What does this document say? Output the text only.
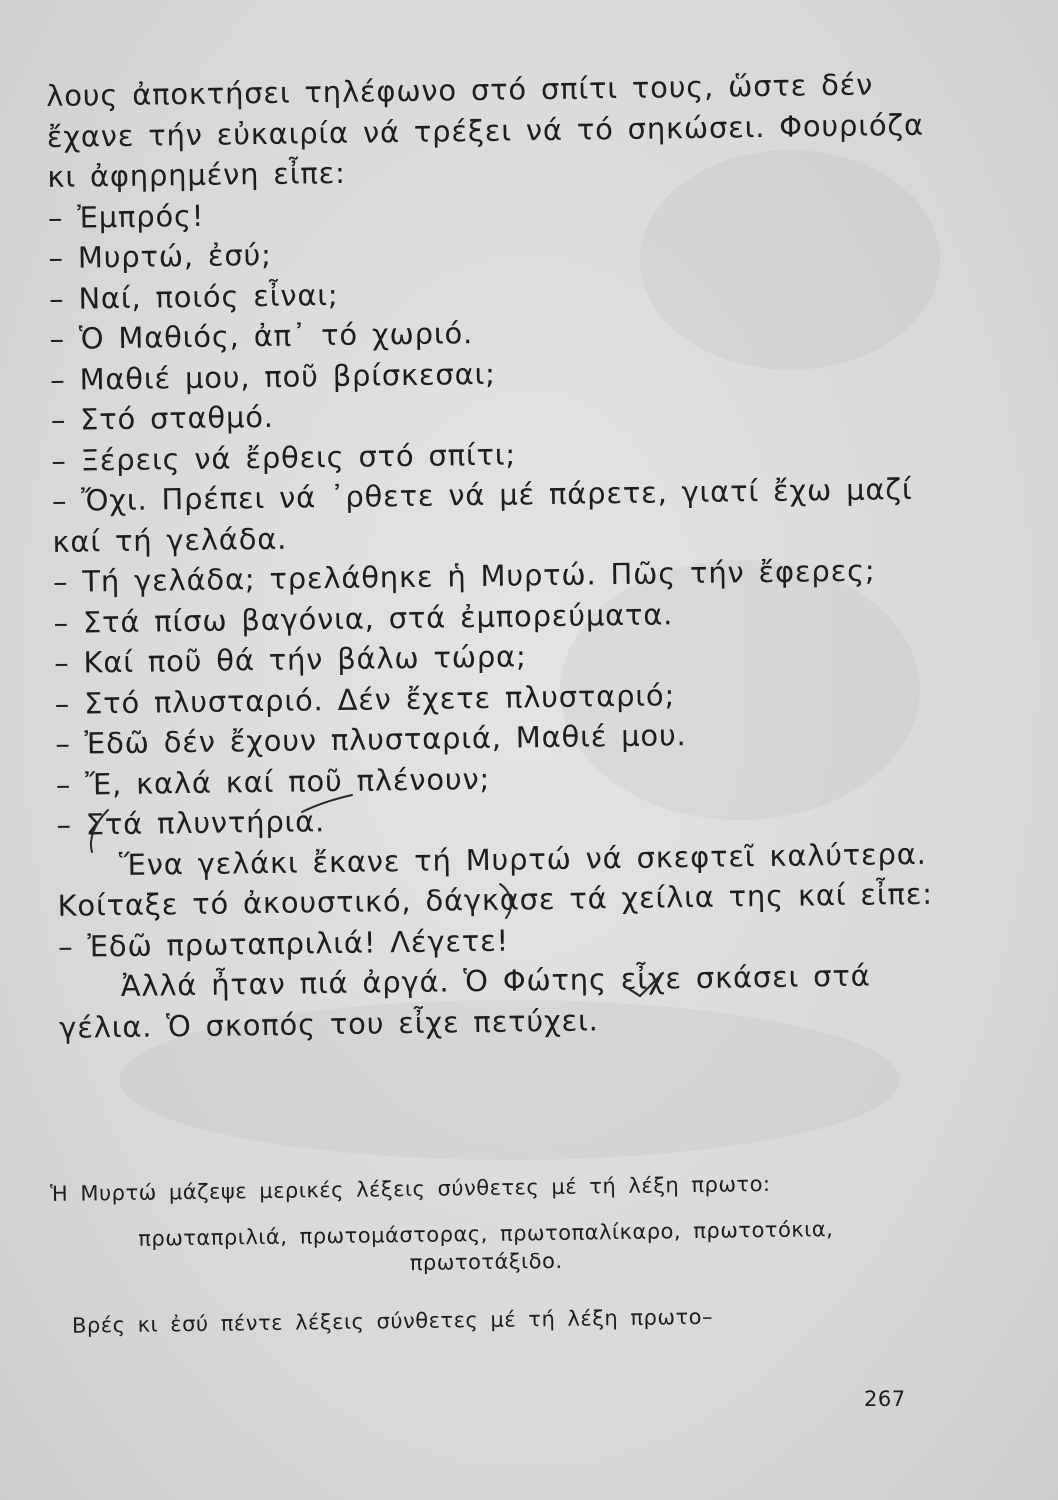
λους ἀποκτήσει τηλέφωνο στό σπίτι τους, ὥστε δέν
ἔχανε τήν εὐκαιρία νά τρέξει νά τό σηκώσει. Φουριόζα
κι ἀφηρημένη εἶπε:
– Ἐμπρός!
– Μυρτώ, ἐσύ;
– Ναί, ποιός εἶναι;
– Ὁ Μαθιός, ἀπ᾽ τό χωριό.
– Μαθιέ μου, ποῦ βρίσκεσαι;
– Στό σταθμό.
– Ξέρεις νά ἔρθεις στό σπίτι;
– Ὄχι. Πρέπει νά ᾽ρθετε νά μέ πάρετε, γιατί ἔχω μαζί
καί τή γελάδα.
– Τή γελάδα; τρελάθηκε ἡ Μυρτώ. Πῶς τήν ἔφερες;
– Στά πίσω βαγόνια, στά ἐμπορεύματα.
– Καί ποῦ θά τήν βάλω τώρα;
– Στό πλυσταριό. Δέν ἔχετε πλυσταριό;
– Ἐδῶ δέν ἔχουν πλυσταριά, Μαθιέ μου.
– Ἔ, καλά καί ποῦ πλένουν;
– Στά πλυντήρια.
Ἕνα γελάκι ἔκανε τή Μυρτώ νά σκεφτεῖ καλύτερα.
Κοίταξε τό ἀκουστικό, δάγκασε τά χείλια της καί εἶπε:
– Ἐδῶ πρωταπριλιά! Λέγετε!
Ἀλλά ἦταν πιά ἀργά. Ὁ Φώτης εἶχε σκάσει στά
γέλια. Ὁ σκοπός του εἶχε πετύχει.
Ἡ Μυρτώ μάζεψε μερικές λέξεις σύνθετες μέ τή λέξη πρωτο:
πρωταπριλιά, πρωτομάστορας, πρωτοπαλίκαρο, πρωτοτόκια,
πρωτοτάξιδο.
Βρές κι ἐσύ πέντε λέξεις σύνθετες μέ τή λέξη πρωτο–
267
